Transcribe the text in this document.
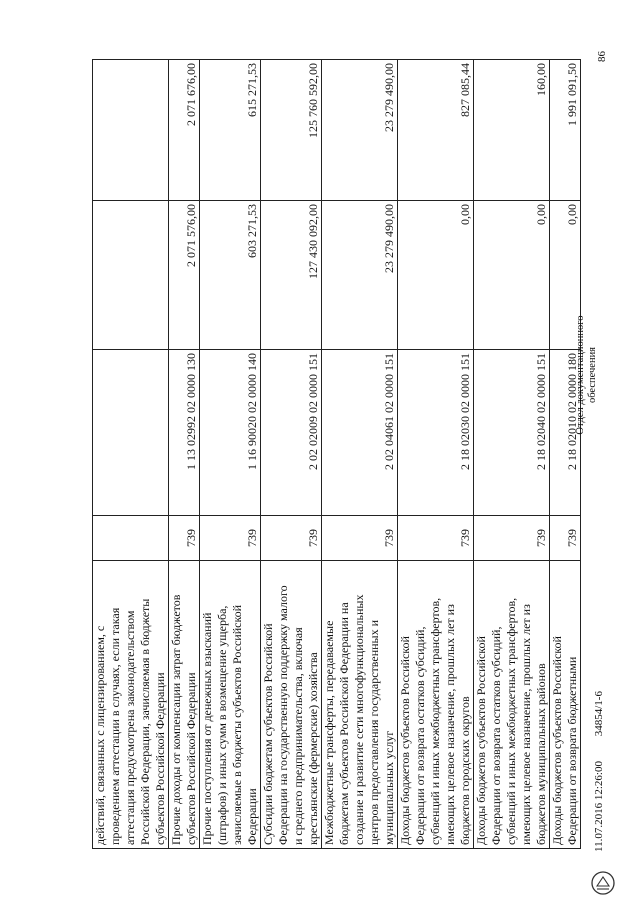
86
действий, связанных с лицензированием, с проведением аттестации в случаях, если такая аттестация предусмотрена законодательством Российской Федерации, зачисляемая в бюджеты субъектов Российской Федерации				

Прочие доходы от компенсации затрат бюджетов субъектов Российской Федерации	739	1 13 02992 02 0000 130	2 071 576,00	2 071 676,00

Прочие поступления от денежных взысканий (штрафов) и иных сумм в возмещение ущерба, зачисляемые в бюджеты субъектов Российской Федерации	739	1 16 90020 02 0000 140	603 271,53	615 271,53

Субсидии бюджетам субъектов Российской Федерации на государственную поддержку малого и среднего предпринимательства, включая крестьянские (фермерские) хозяйства	739	2 02 02009 02 0000 151	127 430 092,00	125 760 592,00

Межбюджетные трансферты, передаваемые бюджетам субъектов Российской Федерации на создание и развитие сети многофункциональных центров предоставления государственных и муниципальных услуг	739	2 02 04061 02 0000 151	23 279 490,00	23 279 490,00

Доходы бюджетов субъектов Российской Федерации от возврата остатков субсидий, субвенций и иных межбюджетных трансфертов, имеющих целевое назначение, прошлых лет из бюджетов городских округов	739	2 18 02030 02 0000 151	0,00	827 085,44

Доходы бюджетов субъектов Российской Федерации от возврата остатков субсидий, субвенций и иных межбюджетных трансфертов, имеющих целевое назначение, прошлых лет из бюджетов муниципальных районов	739	2 18 02040 02 0000 151	0,00	160,00

Доходы бюджетов субъектов Российской Федерации от возврата бюджетными	739	2 18 02010 02 0000 180	0,00	1 991 091,50
Отдел документационного обеспечения
11.07.2016 12:26:00 34854/1-6
